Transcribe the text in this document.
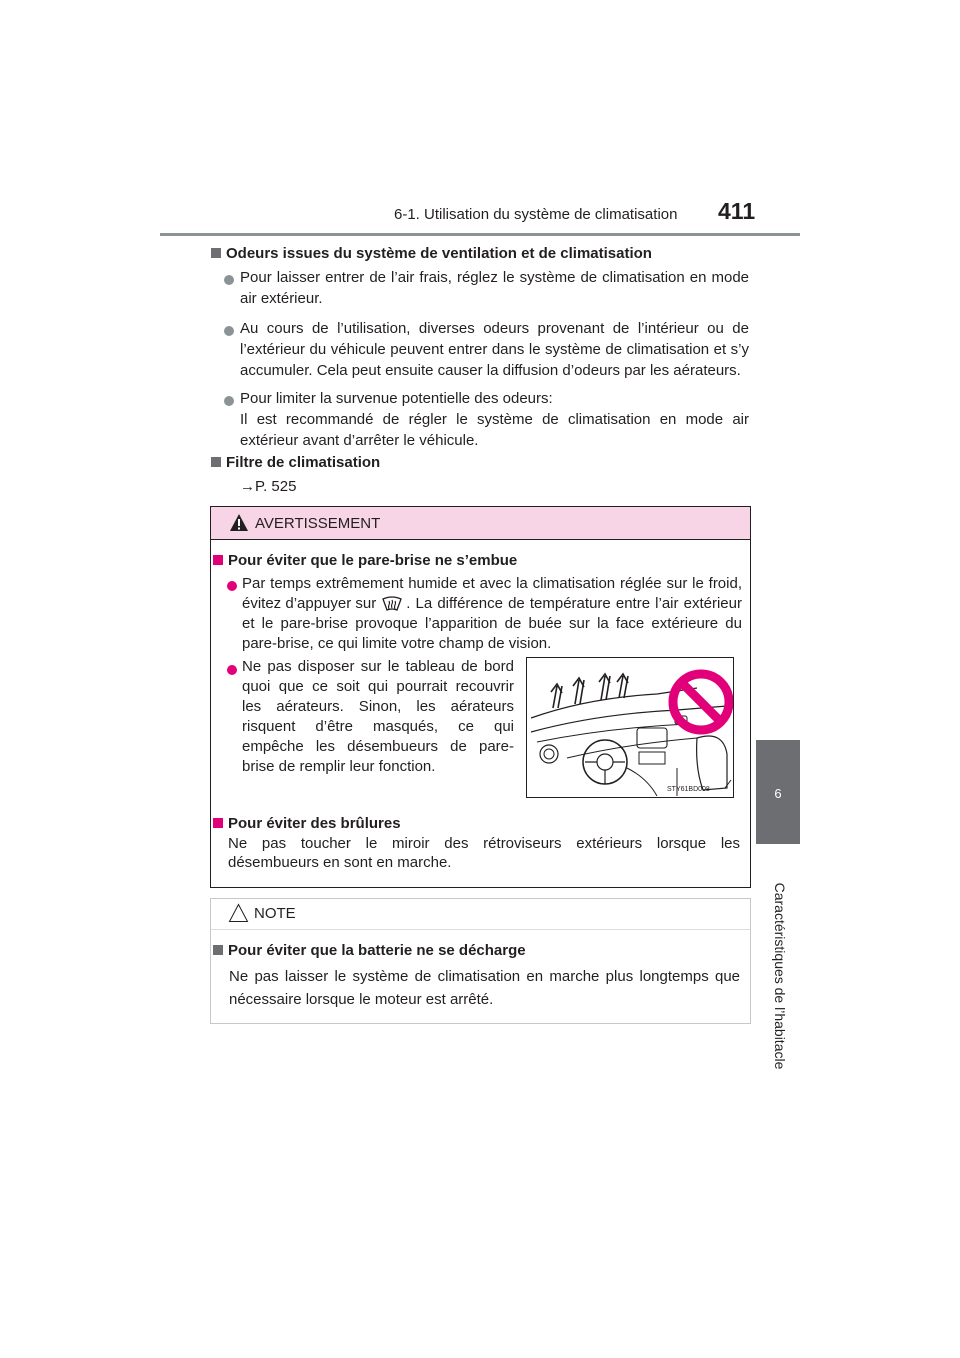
6-1. Utilisation du système de climatisation 411
6
Caractéristiques de l’habitacle
Odeurs issues du système de ventilation et de climatisation
Pour laisser entrer de l’air frais, réglez le système de climatisation en mode
air extérieur.
Au cours de l’utilisation, diverses odeurs provenant de l’intérieur ou de
l’extérieur du véhicule peuvent entrer dans le système de climatisation et s’y
accumuler. Cela peut ensuite causer la diffusion d’odeurs par les aérateurs.
Pour limiter la survenue potentielle des odeurs:
Il est recommandé de régler le système de climatisation en mode air
extérieur avant d’arrêter le véhicule.
Filtre de climatisation
→P. 525
AVERTISSEMENT
Pour éviter que le pare-brise ne s’embue
Par temps extrêmement humide et avec la climatisation réglée sur le froid,
évitez d’appuyer sur . La différence de température entre l’air extérieur
et le pare-brise provoque l’apparition de buée sur la face extérieure du
pare-brise, ce qui limite votre champ de vision.
Ne pas disposer sur le tableau de bord
quoi que ce soit qui pourrait recouvrir
les aérateurs. Sinon, les aérateurs
risquent d’être masqués, ce qui
empêche les désembueurs de pare-
brise de remplir leur fonction.
STY61BD008
Pour éviter des brûlures
Ne pas toucher le miroir des rétroviseurs extérieurs lorsque les
désembueurs en sont en marche.
NOTE
Pour éviter que la batterie ne se décharge
Ne pas laisser le système de climatisation en marche plus longtemps que
nécessaire lorsque le moteur est arrêté.
